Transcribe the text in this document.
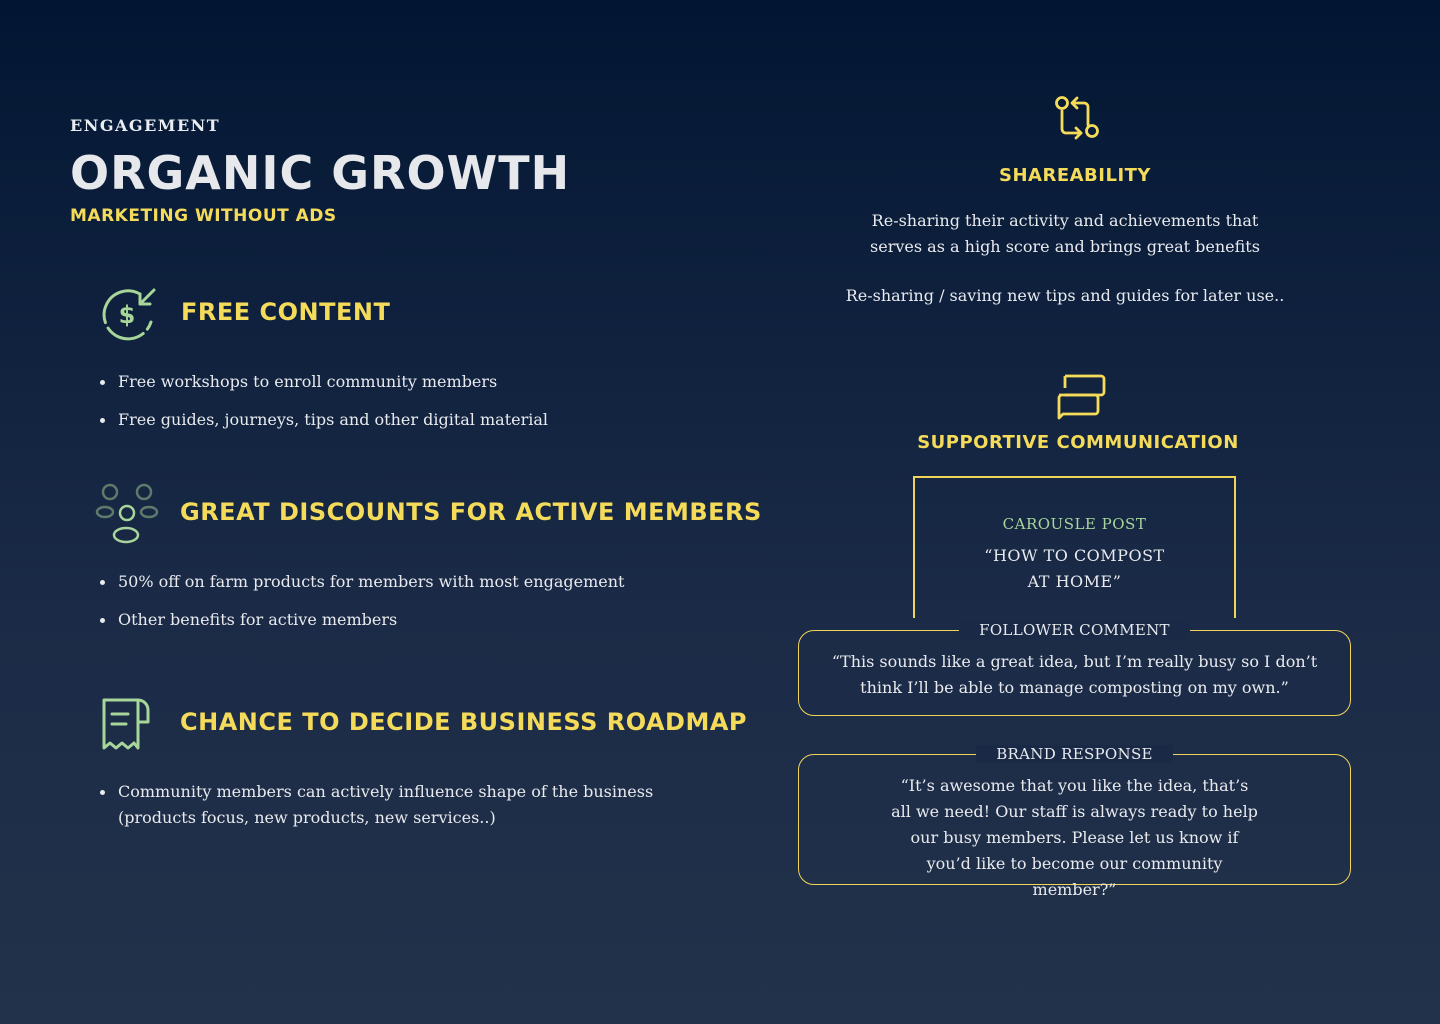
ENGAGEMENT
ORGANIC GROWTH
MARKETING WITHOUT ADS
$ FREE CONTENT
Free workshops to enroll community members
Free guides, journeys, tips and other digital material
GREAT DISCOUNTS FOR ACTIVE MEMBERS
50% off on farm products for members with most engagement
Other benefits for active members
CHANCE TO DECIDE BUSINESS ROADMAP
Community members can actively influence shape of the business (products focus, new products, new services..)
SHAREABILITY
Re-sharing their activity and achievements that serves as a high score and brings great benefits
Re-sharing / saving new tips and guides for later use..
SUPPORTIVE COMMUNICATION
CAROUSLE POST
“HOW TO COMPOST AT HOME”
FOLLOWER COMMENT
“This sounds like a great idea, but I’m really busy so I don’t think I’ll be able to manage composting on my own.”
BRAND RESPONSE
“It’s awesome that you like the idea, that’s all we need! Our staff is always ready to help our busy members. Please let us know if you’d like to become our community member?”
